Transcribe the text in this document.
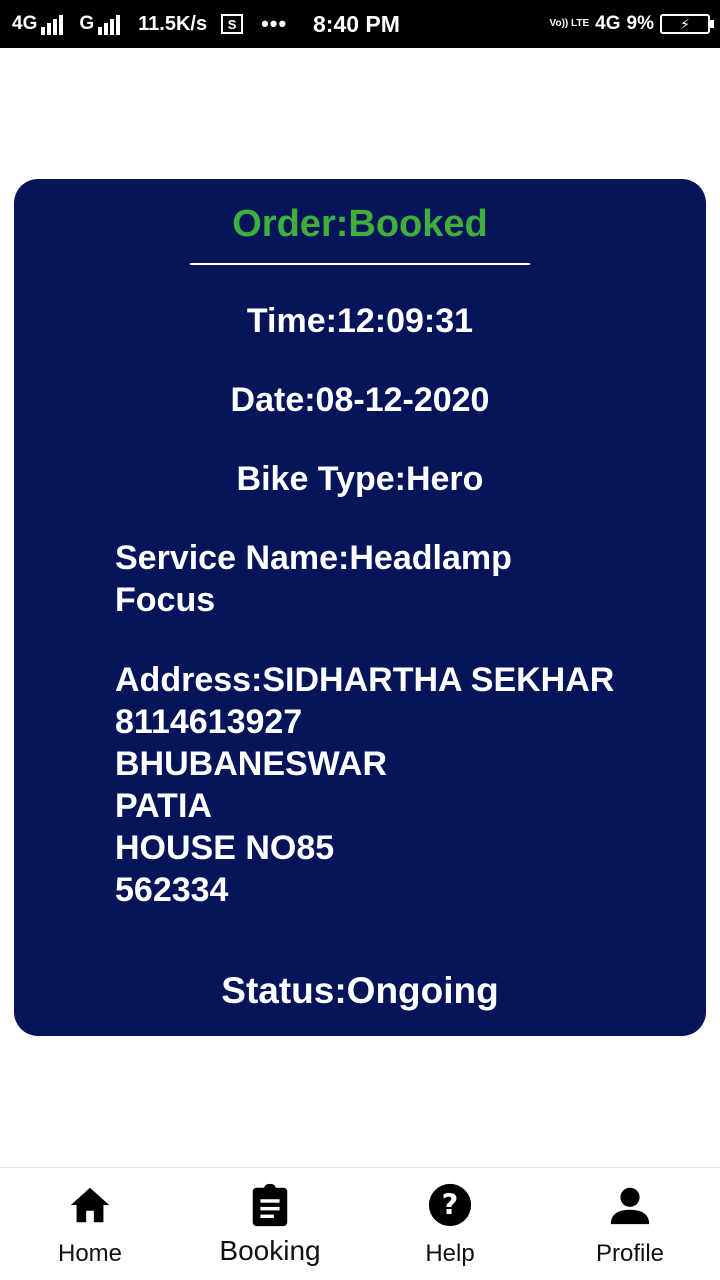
4G G 11.5K/s	S	••• 8:40 PM	Vo)) LTE 4G 9%	⚡
Order:Booked
Time:12:09:31
Date:08-12-2020
Bike Type:Hero
Service Name:Headlamp
Focus
Address:SIDHARTHA SEKHAR
8114613927
BHUBANESWAR
PATIA
HOUSE NO85
562334
Status:Ongoing
Home	Booking
?
Help	Profile
